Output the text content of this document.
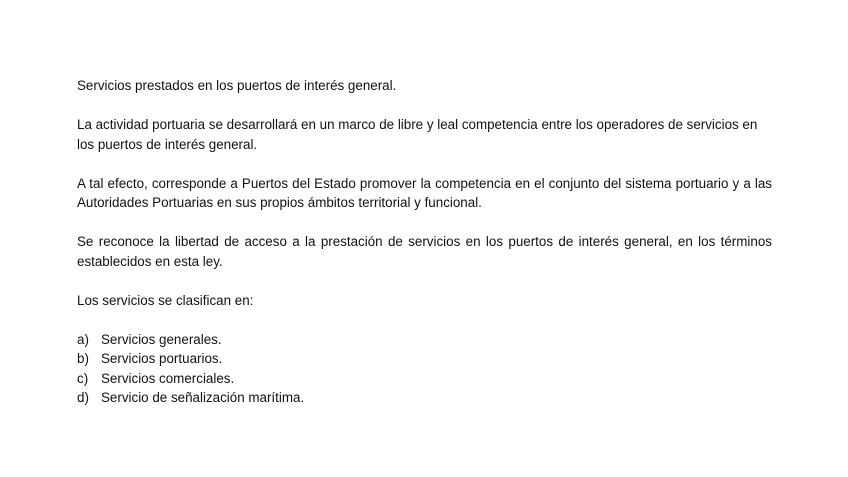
Servicios prestados en los puertos de interés general.

La actividad portuaria se desarrollará en un marco de libre y leal competencia entre los operadores de servicios en los puertos de interés general.

A tal efecto, corresponde a Puertos del Estado promover la competencia en el conjunto del sistema portuario y a las Autoridades Portuarias en sus propios ámbitos territorial y funcional.

Se reconoce la libertad de acceso a la prestación de servicios en los puertos de interés general, en los términos establecidos en esta ley.

Los servicios se clasifican en:

a) Servicios generales.
b) Servicios portuarios.
c) Servicios comerciales.
d) Servicio de señalización marítima.
